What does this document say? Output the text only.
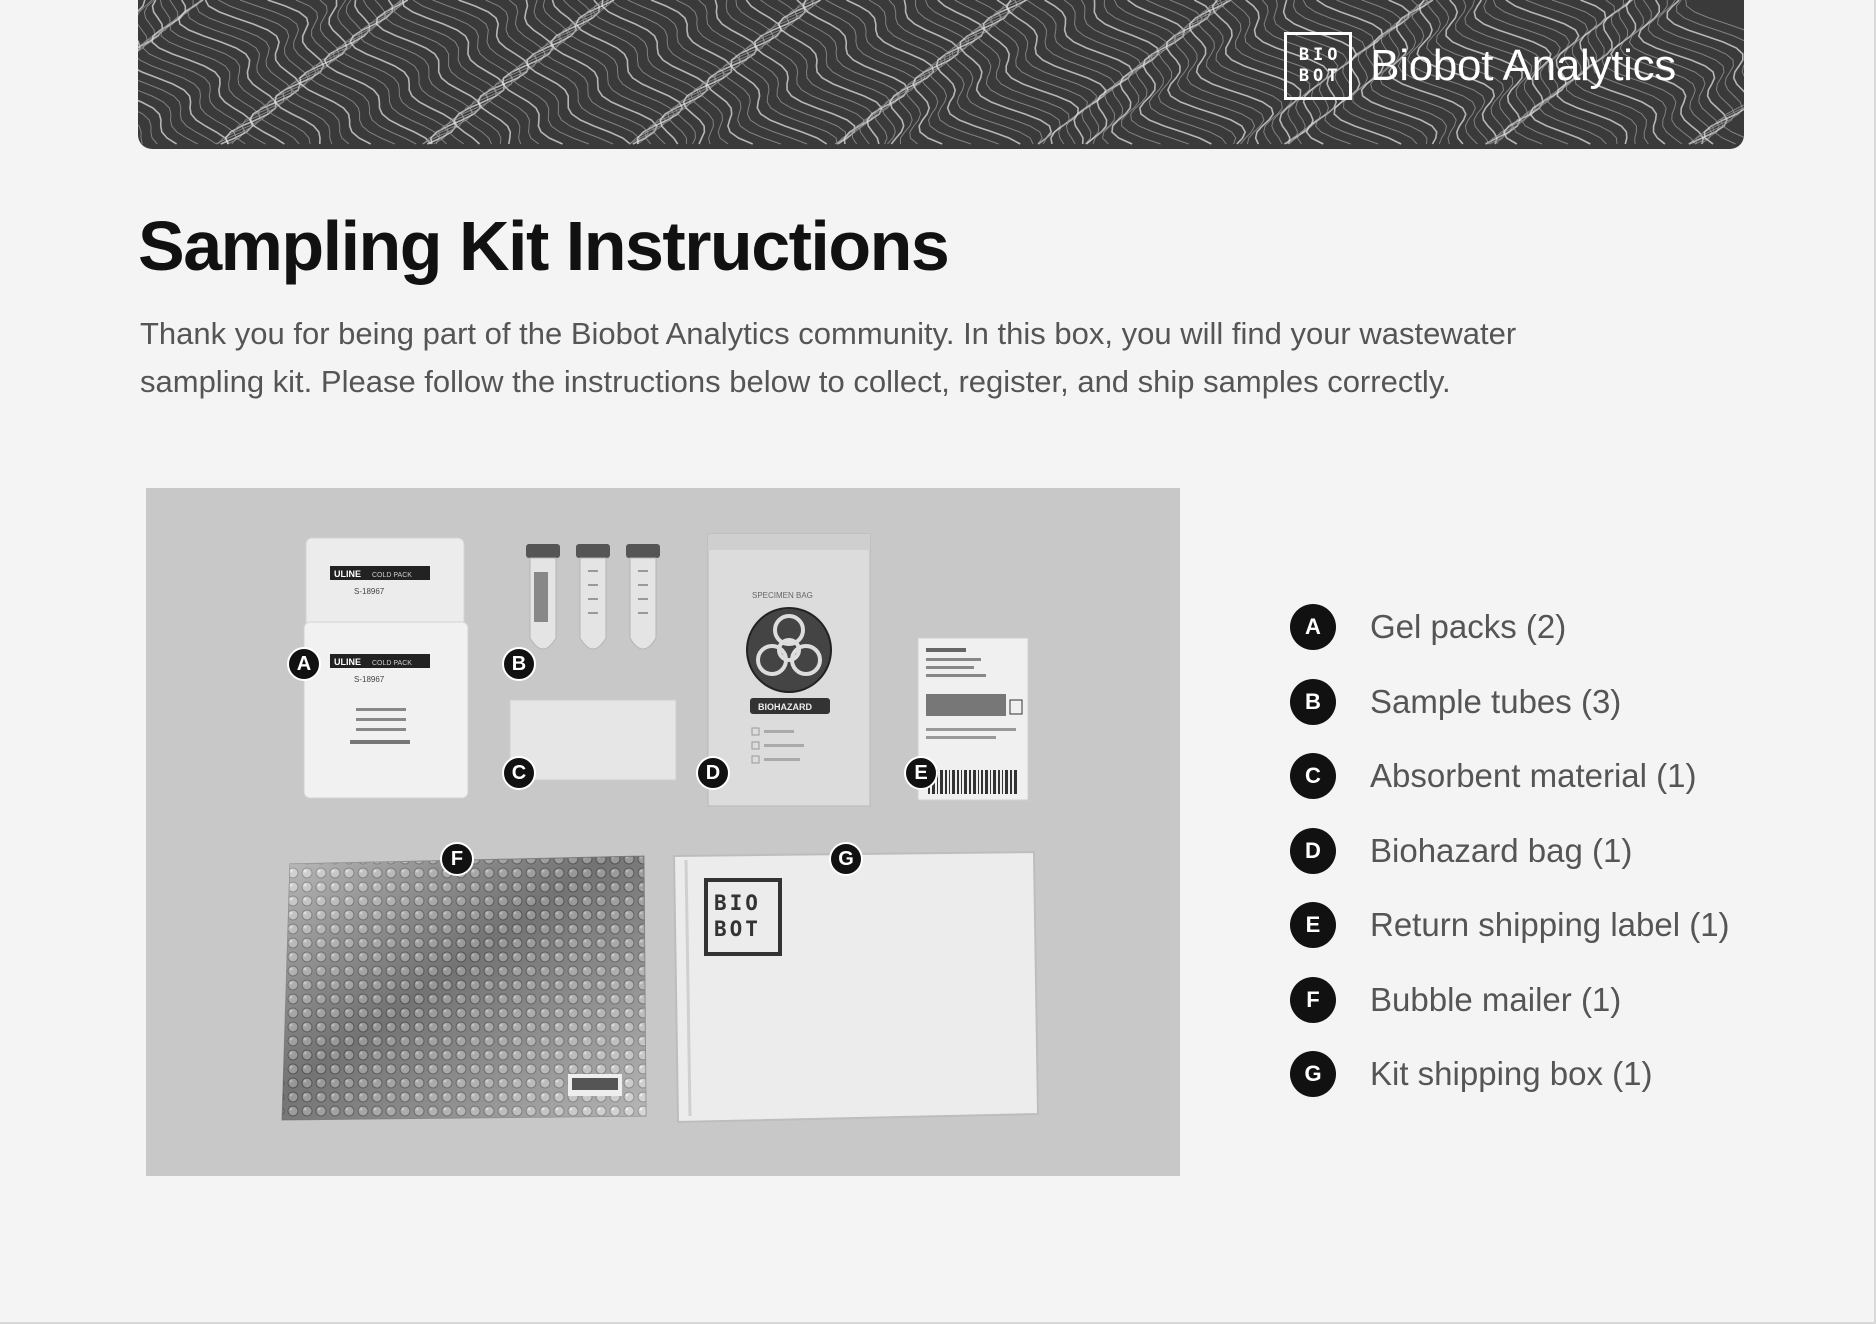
BIO
BOT Biobot Analytics
Sampling Kit Instructions

Thank you for being part of the Biobot Analytics community. In this box, you will find your wastewater
sampling kit. Please follow the instructions below to collect, register, and ship samples correctly.

ULINE COLD PACK
S-18967
ULINE COLD PACK
S-18967
SPECIMEN BAG
BIOHAZARD
BIO
BOT
A	B
C	D	E
F	G
A	Gel packs (2)
B	Sample tubes (3)
C	Absorbent material (1)
D	Biohazard bag (1)
E	Return shipping label (1)
F	Bubble mailer (1)
G	Kit shipping box (1)
